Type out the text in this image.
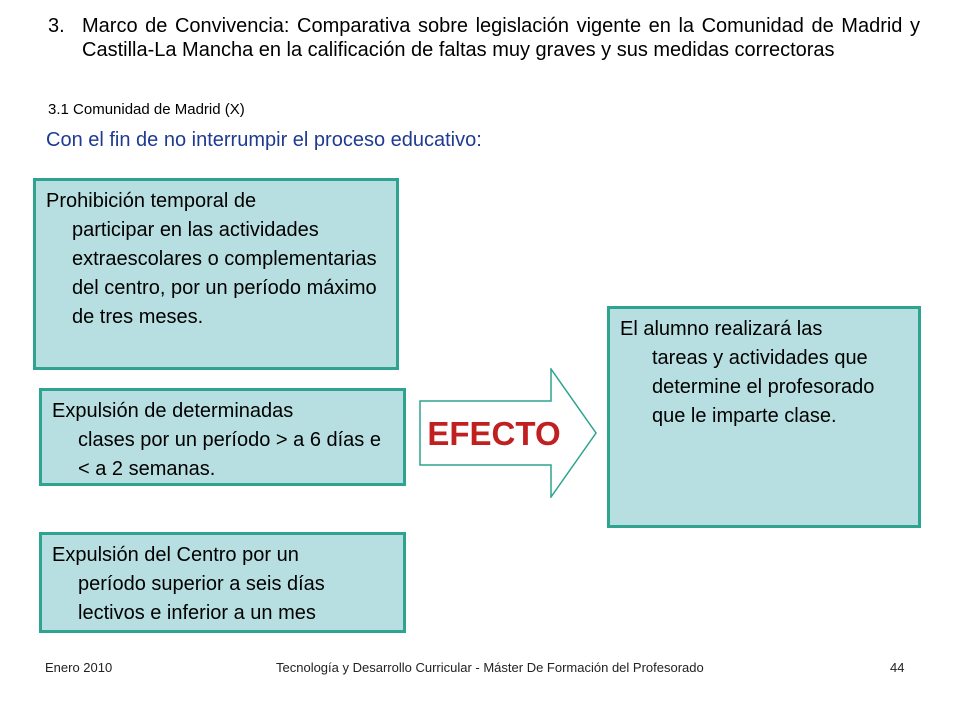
3. Marco de Convivencia: Comparativa sobre legislación vigente en la Comunidad de Madrid y Castilla-La Mancha en la calificación de faltas muy graves y sus medidas correctoras
3.1 Comunidad de Madrid (X)
Con el fin de no interrumpir el proceso educativo:
Prohibición temporal de
participar en las actividades extraescolares o complementarias del centro, por un período máximo de tres meses.
Expulsión de determinadas
clases por un período > a 6 días e < a 2 semanas.
Expulsión del Centro por un
período superior a seis días lectivos e inferior a un mes
EFECTO
El alumno realizará las
tareas y actividades que determine el profesorado que le imparte clase.
Enero 2010	Tecnología y Desarrollo Curricular - Máster De Formación del Profesorado	44
